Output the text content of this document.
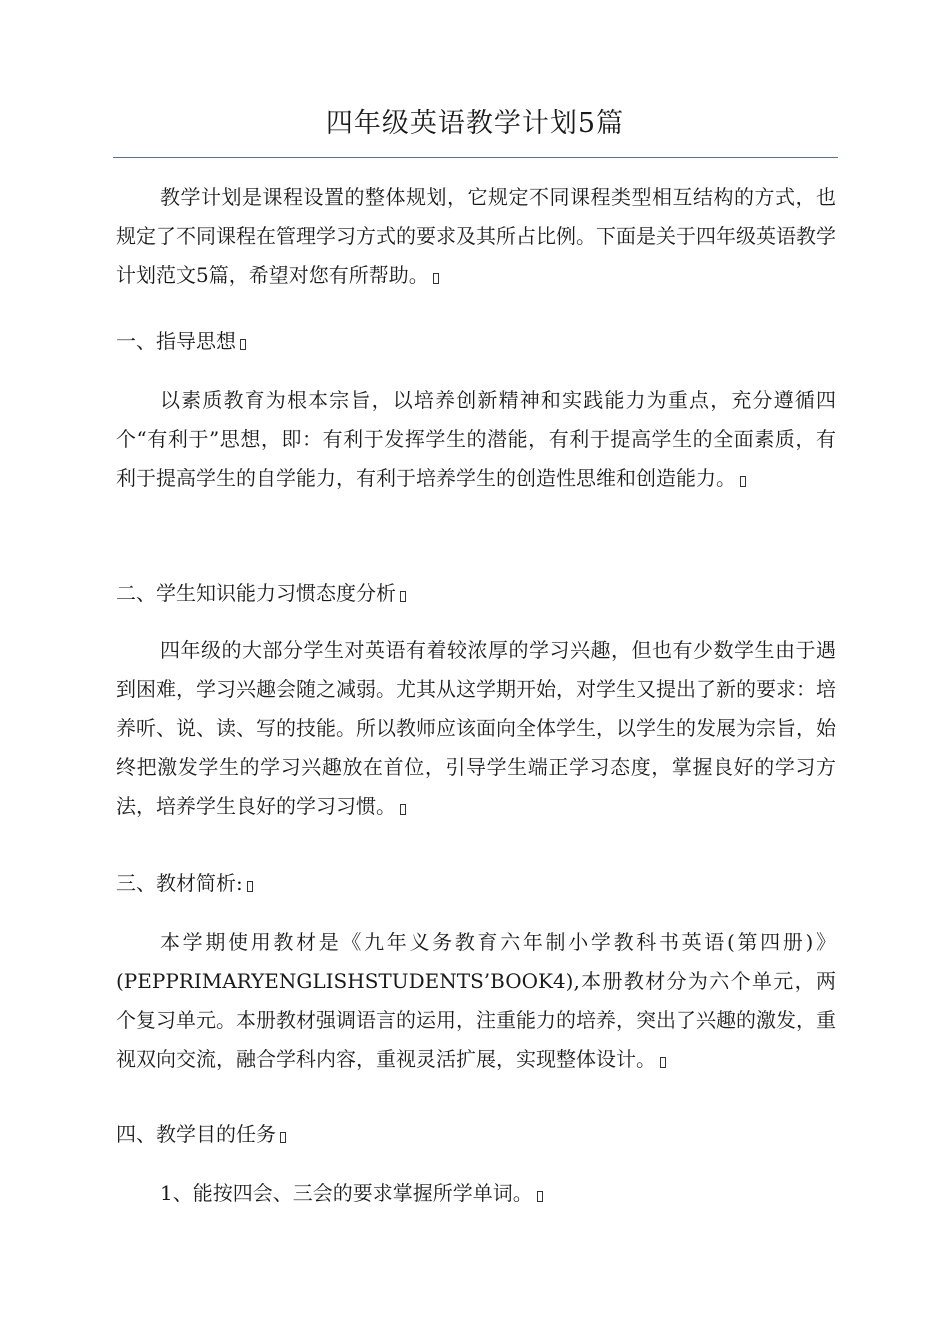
四年级英语教学计划5篇

教学计划是课程设置的整体规划，它规定不同课程类型相互结构的方式，也规定了不同课程在管理学习方式的要求及其所占比例。下面是关于四年级英语教学计划范文5篇，希望对您有所帮助。

一、指导思想

以素质教育为根本宗旨，以培养创新精神和实践能力为重点，充分遵循四个“有利于”思想，即：有利于发挥学生的潜能，有利于提高学生的全面素质，有利于提高学生的自学能力，有利于培养学生的创造性思维和创造能力。

二、学生知识能力习惯态度分析

四年级的大部分学生对英语有着较浓厚的学习兴趣，但也有少数学生由于遇到困难，学习兴趣会随之减弱。尤其从这学期开始，对学生又提出了新的要求：培养听、说、读、写的技能。所以教师应该面向全体学生，以学生的发展为宗旨，始终把激发学生的学习兴趣放在首位，引导学生端正学习态度，掌握良好的学习方法，培养学生良好的学习习惯。

三、教材简析:

本学期使用教材是《九年义务教育六年制小学教科书英语(第四册)》(PEPPRIMARYENGLISHSTUDENTS’BOOK4),本册教材分为六个单元，两个复习单元。本册教材强调语言的运用，注重能力的培养，突出了兴趣的激发，重视双向交流，融合学科内容，重视灵活扩展，实现整体设计。

四、教学目的任务

1、能按四会、三会的要求掌握所学单词。
